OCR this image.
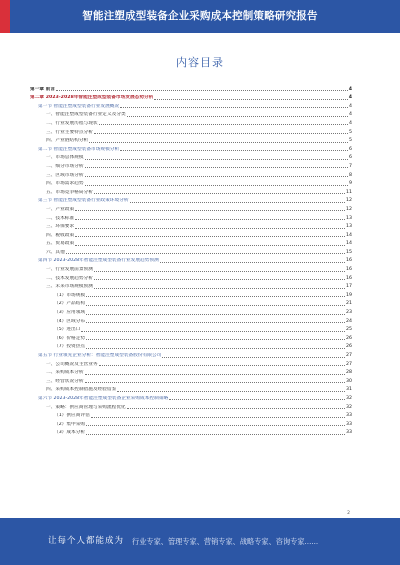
智能注塑成型装备企业采购成本控制策略研究报告
内容目录
第一章 前言	4
第二章 2023-2028年智能注塑成型装备市场发展态势分析	4
第一节 智能注塑成型装备行业发展概况	4
一、智能注塑成型装备行业定义及分类	4
二、行业发展历程与现状	4
三、行业主要特点分析	5
四、产业链结构分析	5
第二节 智能注塑成型装备市场规模分析	6
一、市场总体规模	6
二、细分市场分析	7
三、区域市场分析	8
四、市场需求趋势	9
五、市场竞争格局分析	11
第三节 智能注塑成型装备行业政策环境分析	12
一、产业政策	12
二、技术标准	13
三、环保要求	13
四、税收政策	14
五、贸易政策	14
六、其他	15
第四节 2023-2028年智能注塑成型装备行业发展趋势预测	16
一、行业发展前景预测	16
二、技术发展趋势分析	16
三、未来市场规模预测	17
（1）市场规模	19
（2）产品结构	21
（3）应用领域	23
（4）区域分布	24
（5）进出口	25
（6）价格走势	26
（7）投资热点	26
第五节 行业领先企业分析：智能注塑成型装备股份有限公司	27
一、公司概况及主营业务	27
二、采购成本分析	28
三、经营状况分析	30
四、采购成本控制措施及经验借鉴	31
第六节 2023-2028年智能注塑成型装备企业采购成本控制策略	32
一、策略：供应商管理与采购流程优化	32
（1）供应商评估	33
（2）集中采购	33
（3）成本分析	33
2
让每个人都能成为 行业专家、管理专家、营销专家、战略专家、咨询专家......
